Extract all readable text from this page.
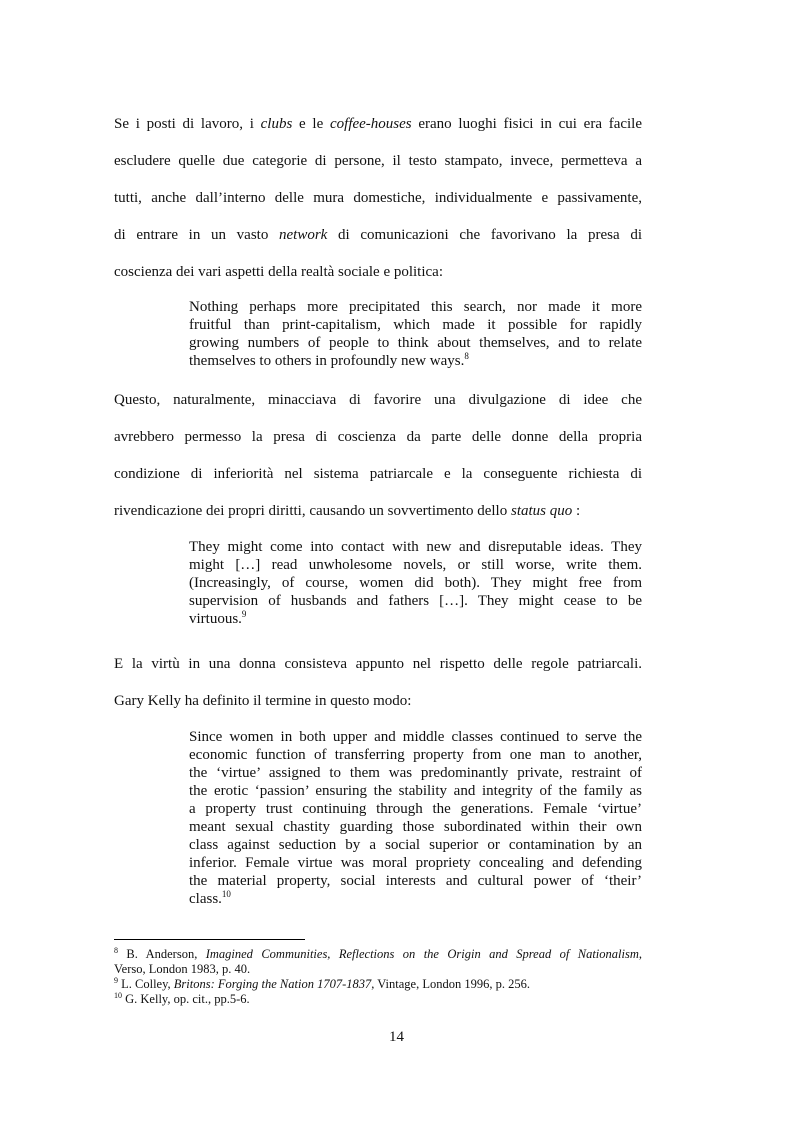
Se i posti di lavoro, i clubs e le coffee-houses erano luoghi fisici in cui era facile
escludere quelle due categorie di persone, il testo stampato, invece, permetteva a
tutti, anche dall’interno delle mura domestiche, individualmente e passivamente,
di entrare in un vasto network di comunicazioni che favorivano la presa di
coscienza dei vari aspetti della realtà sociale e politica:
Nothing perhaps more precipitated this search, nor made it more
fruitful than print-capitalism, which made it possible for rapidly
growing numbers of people to think about themselves, and to relate
themselves to others in profoundly new ways.$^8$
Questo, naturalmente, minacciava di favorire una divulgazione di idee che
avrebbero permesso la presa di coscienza da parte delle donne della propria
condizione di inferiorità nel sistema patriarcale e la conseguente richiesta di
rivendicazione dei propri diritti, causando un sovvertimento dello status quo :
They might come into contact with new and disreputable ideas. They
might […] read unwholesome novels, or still worse, write them.
(Increasingly, of course, women did both). They might free from
supervision of husbands and fathers […]. They might cease to be
virtuous.$^9$
E la virtù in una donna consisteva appunto nel rispetto delle regole patriarcali.
Gary Kelly ha definito il termine in questo modo:
Since women in both upper and middle classes continued to serve the
economic function of transferring property from one man to another,
the ‘virtue’ assigned to them was predominantly private, restraint of
the erotic ‘passion’ ensuring the stability and integrity of the family as
a property trust continuing through the generations. Female ‘virtue’
meant sexual chastity guarding those subordinated within their own
class against seduction by a social superior or contamination by an
inferior. Female virtue was moral propriety concealing and defending
the material property, social interests and cultural power of ‘their’
class.$^{10}$
$^8$ B. Anderson, Imagined Communities, Reflections on the Origin and Spread of Nationalism,
Verso, London 1983, p. 40.
$^9$ L. Colley, Britons: Forging the Nation 1707-1837, Vintage, London 1996, p. 256.
$^{10}$ G. Kelly, op. cit., pp.5-6.
14
